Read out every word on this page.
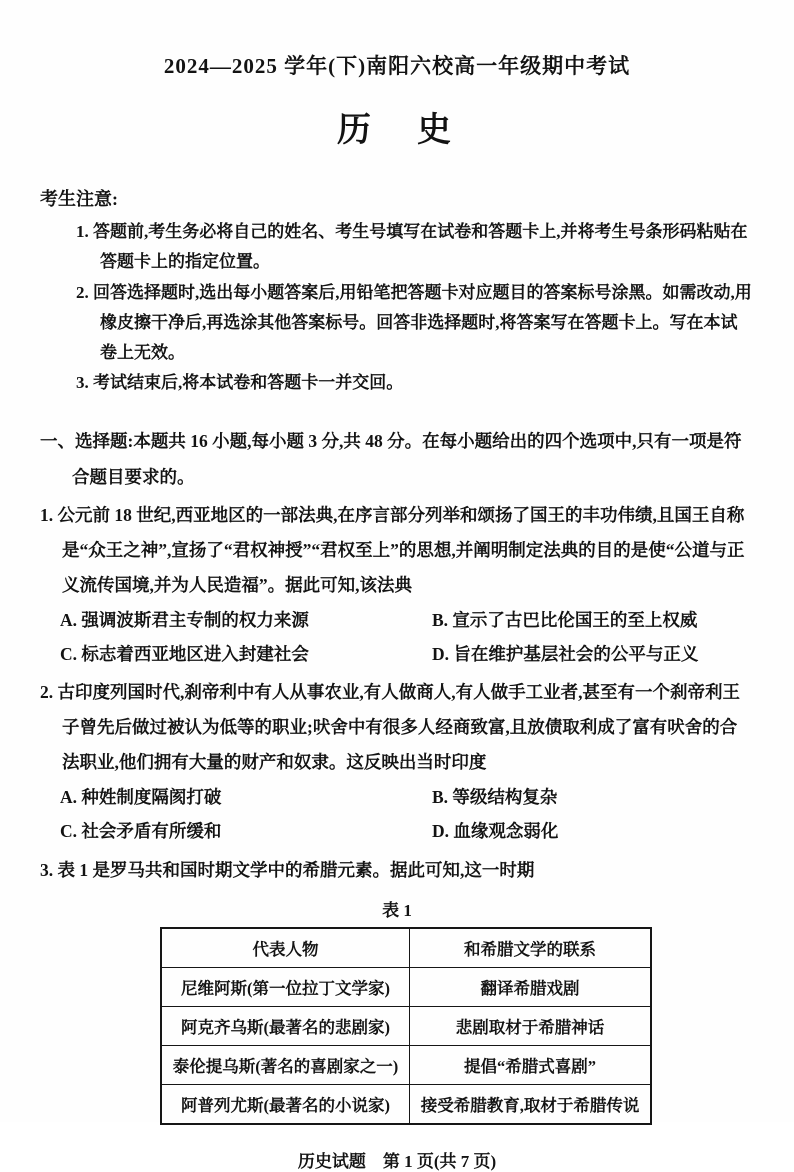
2024—2025 学年(下)南阳六校高一年级期中考试

历　史

考生注意:

1. 答题前,考生务必将自己的姓名、考生号填写在试卷和答题卡上,并将考生号条形码粘贴在答题卡上的指定位置。

2. 回答选择题时,选出每小题答案后,用铅笔把答题卡对应题目的答案标号涂黑。如需改动,用橡皮擦干净后,再选涂其他答案标号。回答非选择题时,将答案写在答题卡上。写在本试卷上无效。

3. 考试结束后,将本试卷和答题卡一并交回。

一、选择题:本题共 16 小题,每小题 3 分,共 48 分。在每小题给出的四个选项中,只有一项是符合题目要求的。

1. 公元前 18 世纪,西亚地区的一部法典,在序言部分列举和颂扬了国王的丰功伟绩,且国王自称是“众王之神”,宣扬了“君权神授”“君权至上”的思想,并阐明制定法典的目的是使“公道与正义流传国境,并为人民造福”。据此可知,该法典

A. 强调波斯君主专制的权力来源	B. 宣示了古巴比伦国王的至上权威
C. 标志着西亚地区进入封建社会	D. 旨在维护基层社会的公平与正义

2. 古印度列国时代,刹帝利中有人从事农业,有人做商人,有人做手工业者,甚至有一个刹帝利王子曾先后做过被认为低等的职业;吠舍中有很多人经商致富,且放债取利成了富有吠舍的合法职业,他们拥有大量的财产和奴隶。这反映出当时印度

A. 种姓制度隔阂打破	B. 等级结构复杂
C. 社会矛盾有所缓和	D. 血缘观念弱化

3. 表 1 是罗马共和国时期文学中的希腊元素。据此可知,这一时期

表 1

代表人物	和希腊文学的联系
尼维阿斯(第一位拉丁文学家)	翻译希腊戏剧
阿克齐乌斯(最著名的悲剧家)	悲剧取材于希腊神话
泰伦提乌斯(著名的喜剧家之一)	提倡“希腊式喜剧”
阿普列尤斯(最著名的小说家)	接受希腊教育,取材于希腊传说

历史试题　第 1 页(共 7 页)
